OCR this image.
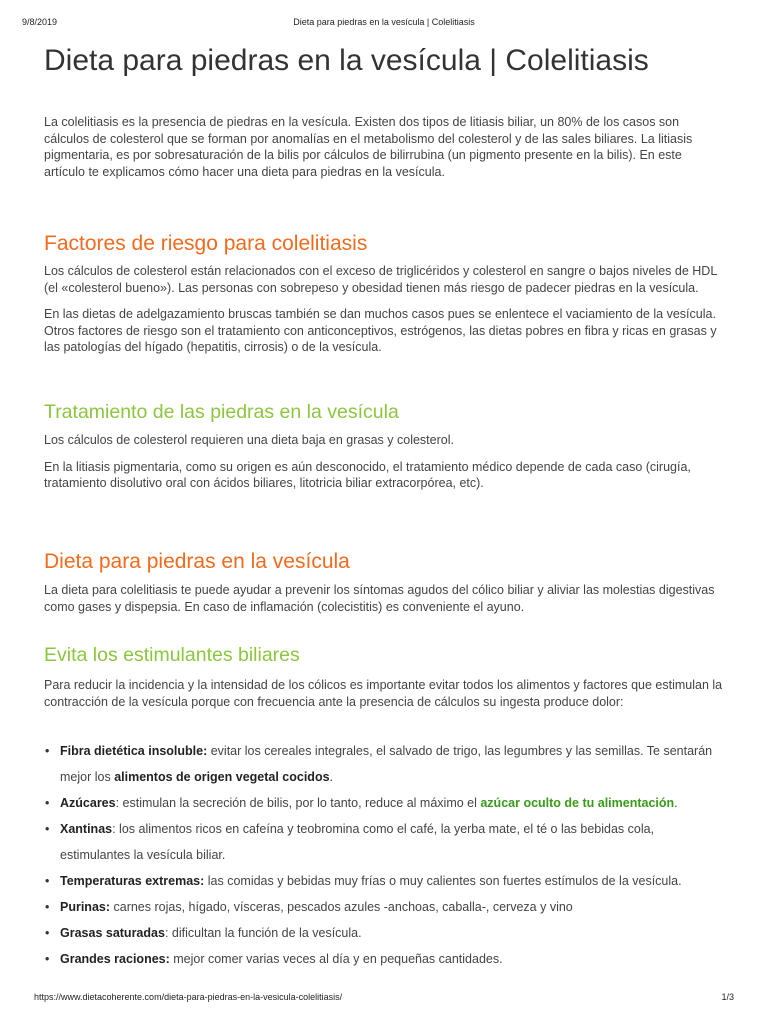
9/8/2019	Dieta para piedras en la vesícula | Colelitiasis
Dieta para piedras en la vesícula | Colelitiasis

La colelitiasis es la presencia de piedras en la vesícula. Existen dos tipos de litiasis biliar, un 80% de los casos son cálculos de colesterol que se forman por anomalías en el metabolismo del colesterol y de las sales biliares. La litiasis pigmentaria, es por sobresaturación de la bilis por cálculos de bilirrubina (un pigmento presente en la bilis). En este artículo te explicamos cómo hacer una dieta para piedras en la vesícula.

Factores de riesgo para colelitiasis

Los cálculos de colesterol están relacionados con el exceso de triglicéridos y colesterol en sangre o bajos niveles de HDL (el «colesterol bueno»). Las personas con sobrepeso y obesidad tienen más riesgo de padecer piedras en la vesícula.

En las dietas de adelgazamiento bruscas también se dan muchos casos pues se enlentece el vaciamiento de la vesícula. Otros factores de riesgo son el tratamiento con anticonceptivos, estrógenos, las dietas pobres en fibra y ricas en grasas y las patologías del hígado (hepatitis, cirrosis) o de la vesícula.

Tratamiento de las piedras en la vesícula

Los cálculos de colesterol requieren una dieta baja en grasas y colesterol.

En la litiasis pigmentaria, como su origen es aún desconocido, el tratamiento médico depende de cada caso (cirugía, tratamiento disolutivo oral con ácidos biliares, litotricia biliar extracorpórea, etc).

Dieta para piedras en la vesícula

La dieta para colelitiasis te puede ayudar a prevenir los síntomas agudos del cólico biliar y aliviar las molestias digestivas como gases y dispepsia. En caso de inflamación (colecistitis) es conveniente el ayuno.

Evita los estimulantes biliares

Para reducir la incidencia y la intensidad de los cólicos es importante evitar todos los alimentos y factores que estimulan la contracción de la vesícula porque con frecuencia ante la presencia de cálculos su ingesta produce dolor:

• Fibra dietética insoluble: evitar los cereales integrales, el salvado de trigo, las legumbres y las semillas. Te sentarán mejor los alimentos de origen vegetal cocidos.
• Azúcares: estimulan la secreción de bilis, por lo tanto, reduce al máximo el azúcar oculto de tu alimentación.
• Xantinas: los alimentos ricos en cafeína y teobromina como el café, la yerba mate, el té o las bebidas cola, estimulantes la vesícula biliar.
• Temperaturas extremas: las comidas y bebidas muy frías o muy calientes son fuertes estímulos de la vesícula.
• Purinas: carnes rojas, hígado, vísceras, pescados azules -anchoas, caballa-, cerveza y vino
• Grasas saturadas: dificultan la función de la vesícula.
• Grandes raciones: mejor comer varias veces al día y en pequeñas cantidades.
https://www.dietacoherente.com/dieta-para-piedras-en-la-vesicula-colelitiasis/	1/3
